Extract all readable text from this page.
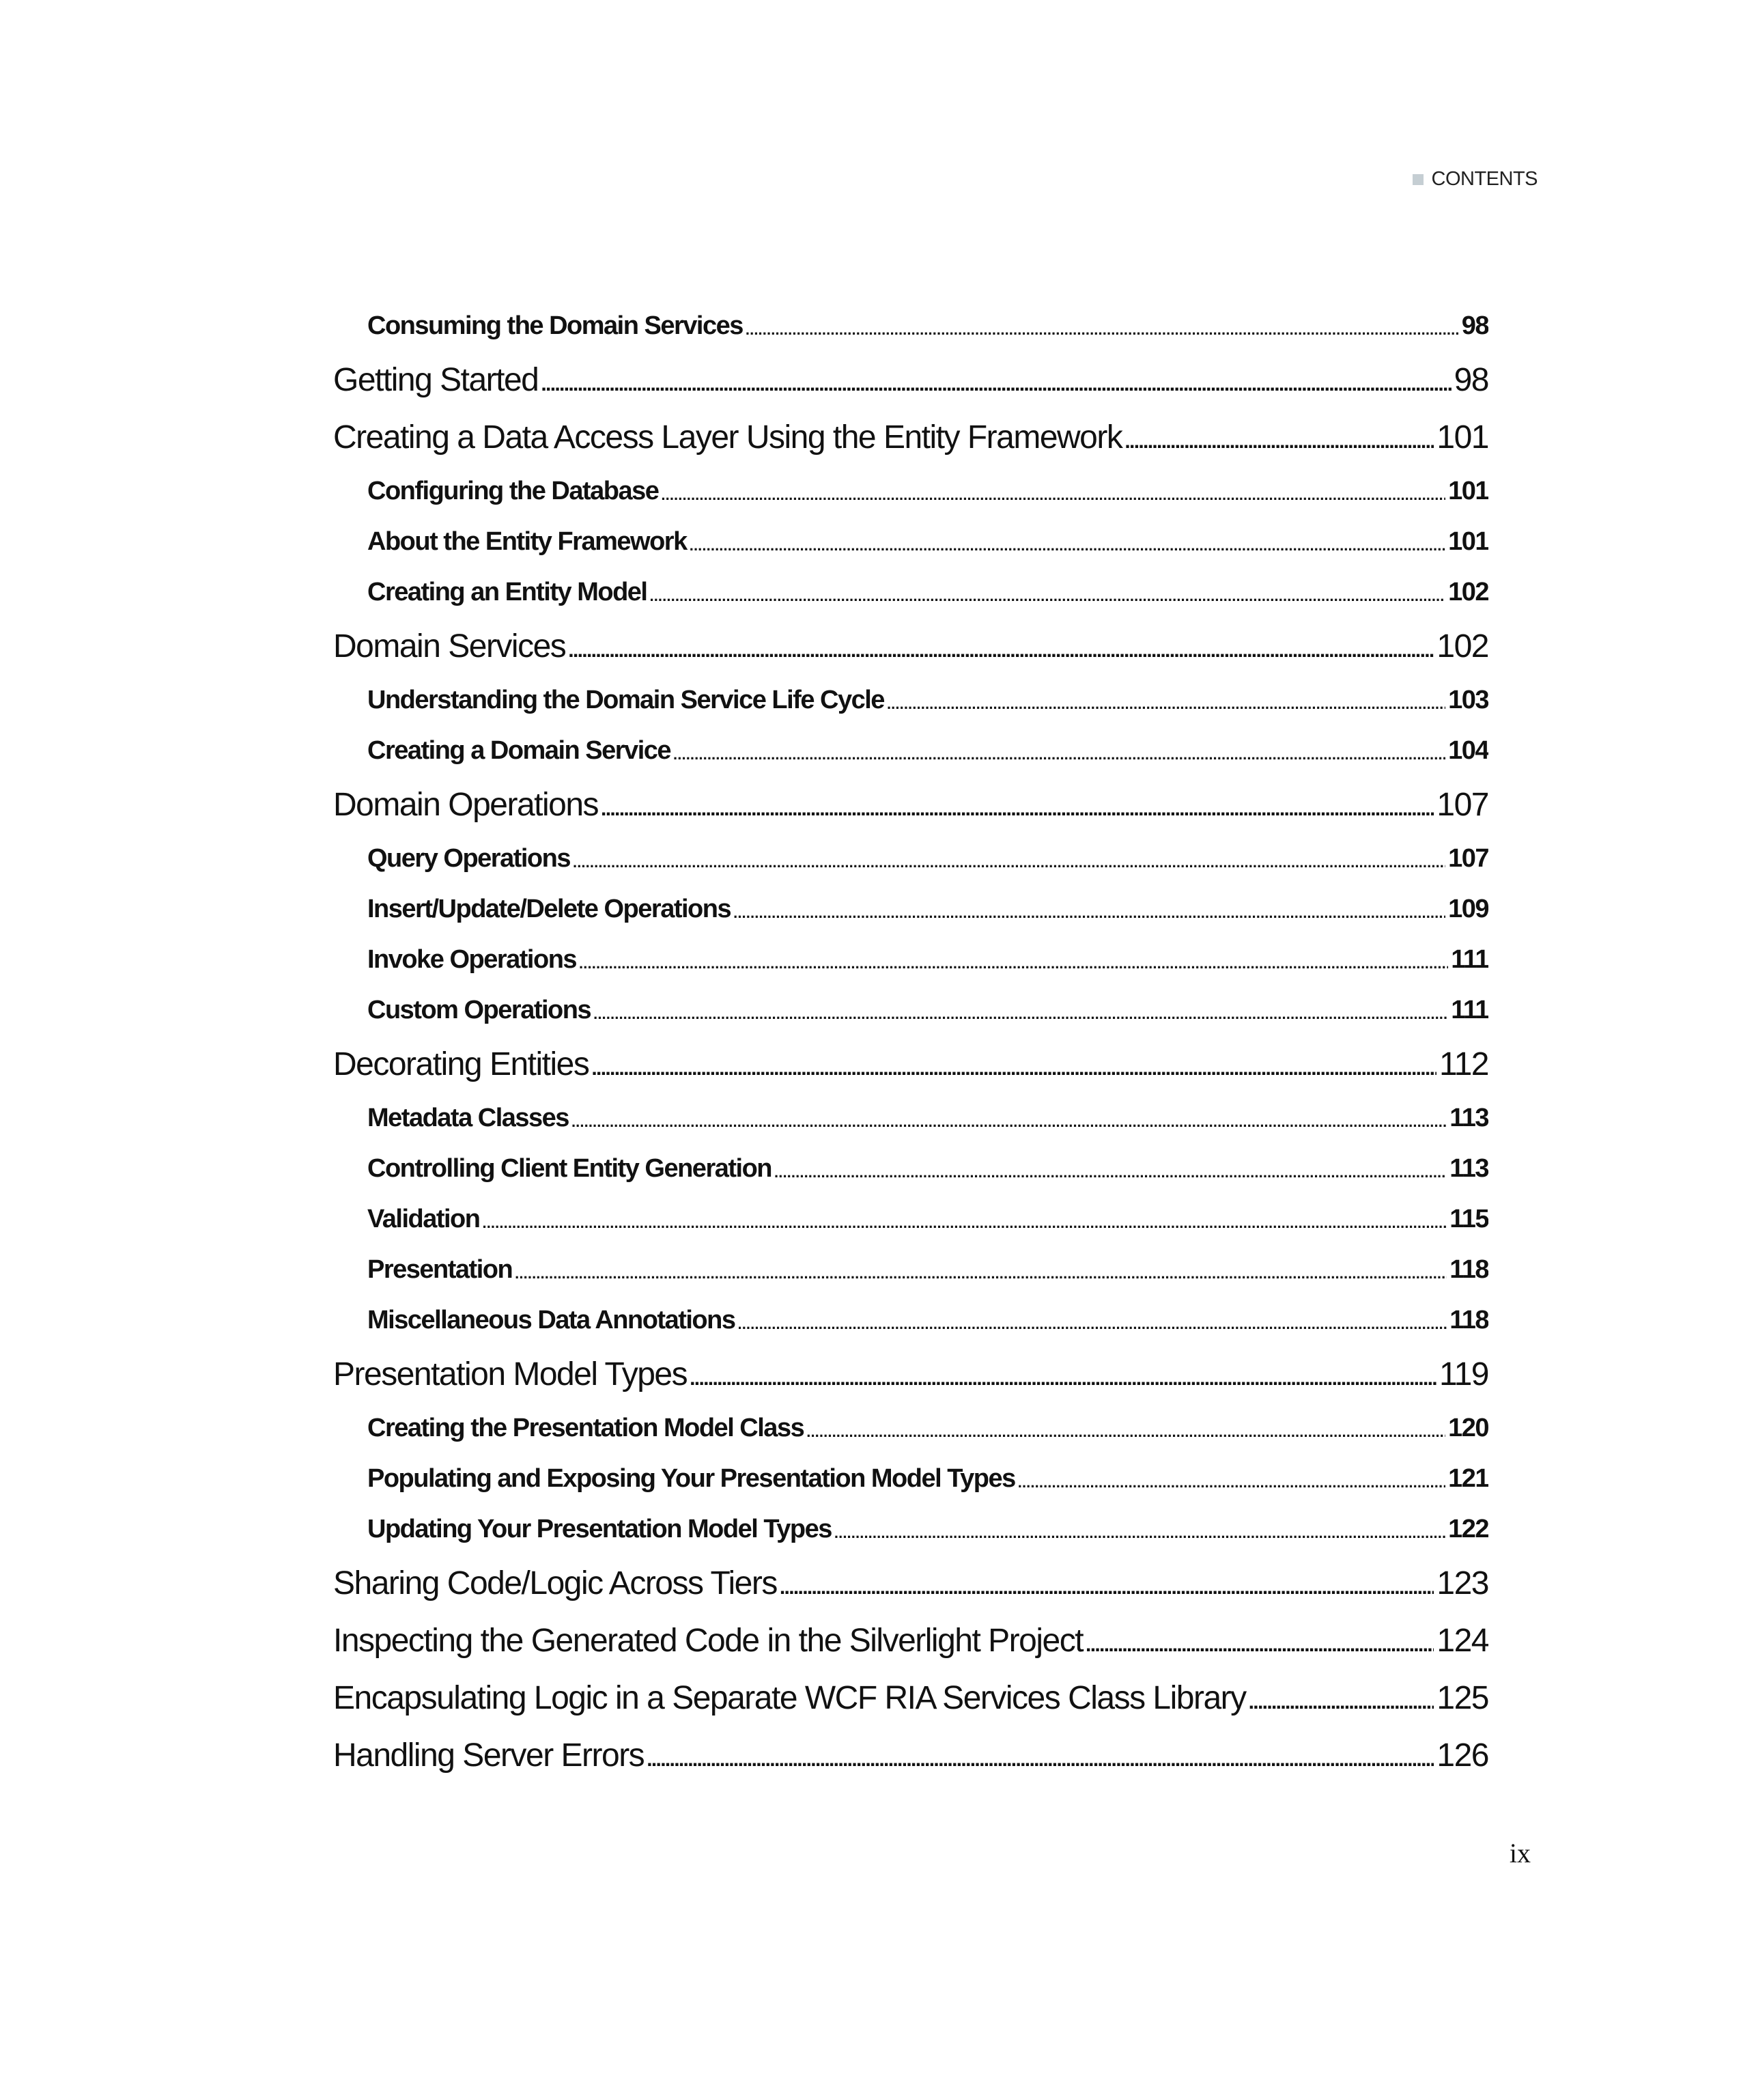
CONTENTS
Consuming the Domain Services . . .	98
Getting Started . . .	98
Creating a Data Access Layer Using the Entity Framework . . .	101
Configuring the Database . . .	101
About the Entity Framework . . .	101
Creating an Entity Model . . .	102
Domain Services . . .	102
Understanding the Domain Service Life Cycle . . .	103
Creating a Domain Service . . .	104
Domain Operations . . .	107
Query Operations . . .	107
Insert/Update/Delete Operations . . .	109
Invoke Operations . . .	111
Custom Operations . . .	111
Decorating Entities . . .	112
Metadata Classes . . .	113
Controlling Client Entity Generation . . .	113
Validation . . .	115
Presentation . . .	118
Miscellaneous Data Annotations . . .	118
Presentation Model Types . . .	119
Creating the Presentation Model Class . . .	120
Populating and Exposing Your Presentation Model Types . . .	121
Updating Your Presentation Model Types . . .	122
Sharing Code/Logic Across Tiers . . .	123
Inspecting the Generated Code in the Silverlight Project . . .	124
Encapsulating Logic in a Separate WCF RIA Services Class Library . . .	125
Handling Server Errors . . .	126
ix
